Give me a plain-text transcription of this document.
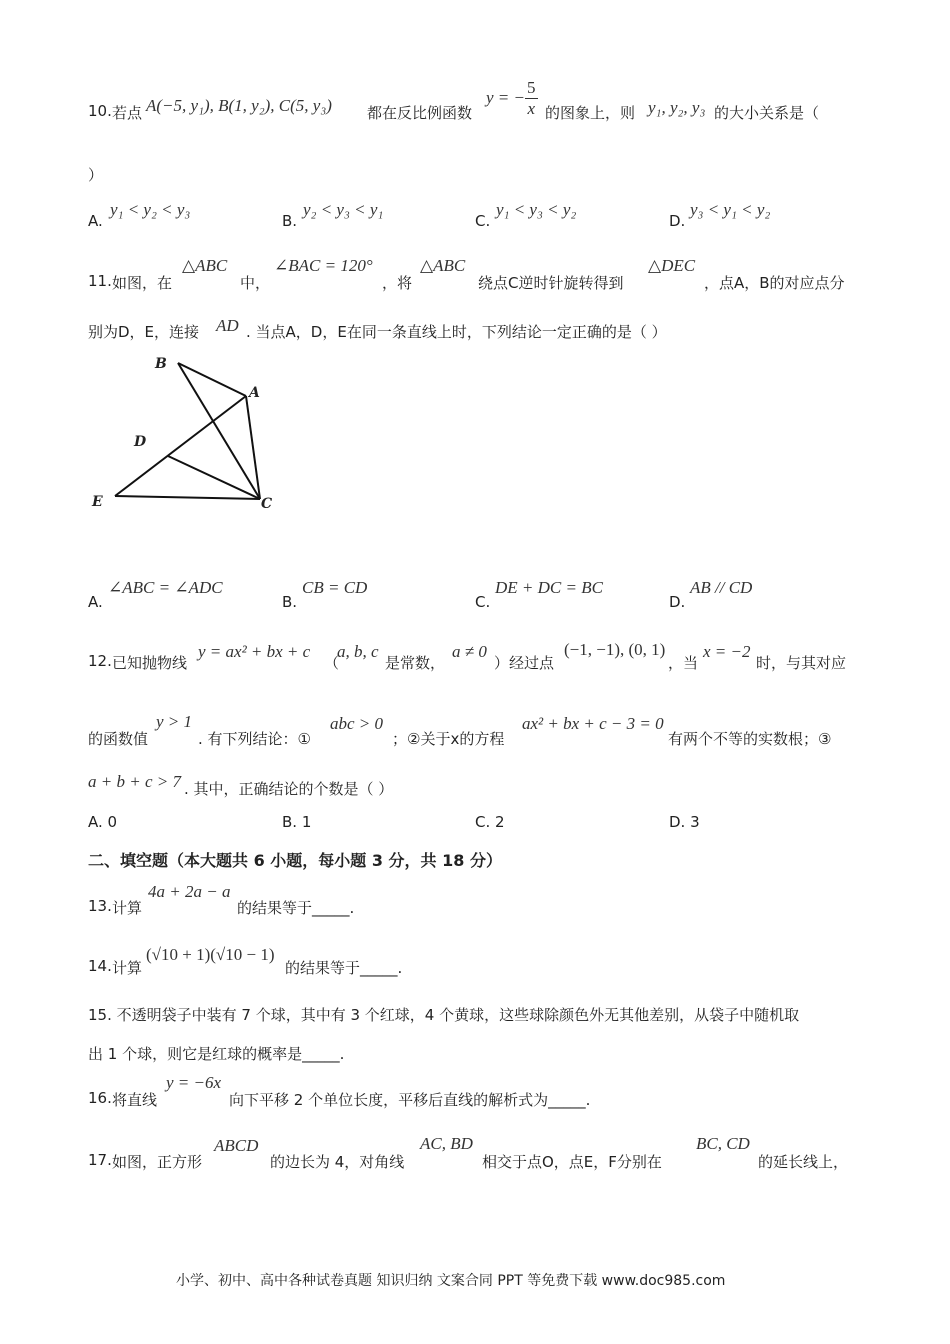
10. 若点 A(−5, y₁), B(1, y₂), C(5, y₃) 都在反比例函数
y = − $\frac{5}{x}$ 的图象上，则 y₁, y₂, y₃ 的大小关系是（
）
A.
y₁ < y₂ < y₃
B.
y₂ < y₃ < y₁
C.
y₁ < y₃ < y₂
D.
y₃ < y₁ < y₂
11. 如图，在
△ABC
中，
∠BAC = 120°
，将
△ABC
绕点C逆时针旋转得到
△DEC
，点A，B的对应点分
别为D，E，连接 AD . 当点A，D，E在同一条直线上时，下列结论一定正确的是（ ）
B
A
D
E	C
A.
∠ABC = ∠ADC
B.
CB = CD
C.
DE + DC = BC
D.
AB // CD
12. 已知抛物线
y = ax² + bx + c
（
a, b, c
是常数，
a ≠ 0
）经过点
(−1, −1), (0, 1)
，当
x = −2
时，与其对应
的函数值
y > 1
. 有下列结论：①
abc > 0
；②关于x的方程
ax² + bx + c − 3 = 0
有两个不等的实数根；③
a + b + c > 7 . 其中，正确结论的个数是（ ）
A. 0	B. 1	C. 2	D. 3
二、填空题（本大题共 6 小题，每小题 3 分，共 18 分）
13. 计算
4a + 2a − a
的结果等于_____.
14. 计算
(√10 + 1)(√10 − 1)
的结果等于_____.
15. 不透明袋子中装有 7 个球，其中有 3 个红球，4 个黄球，这些球除颜色外无其他差别，从袋子中随机取
出 1 个球，则它是红球的概率是_____.
16. 将直线
y = −6x
向下平移 2 个单位长度，平移后直线的解析式为_____.
17. 如图，正方形
ABCD
的边长为 4，对角线
AC, BD
相交于点O，点E，F分别在
BC, CD
的延长线上，
小学、初中、高中各种试卷真题 知识归纳 文案合同 PPT 等免费下载 www.doc985.com
